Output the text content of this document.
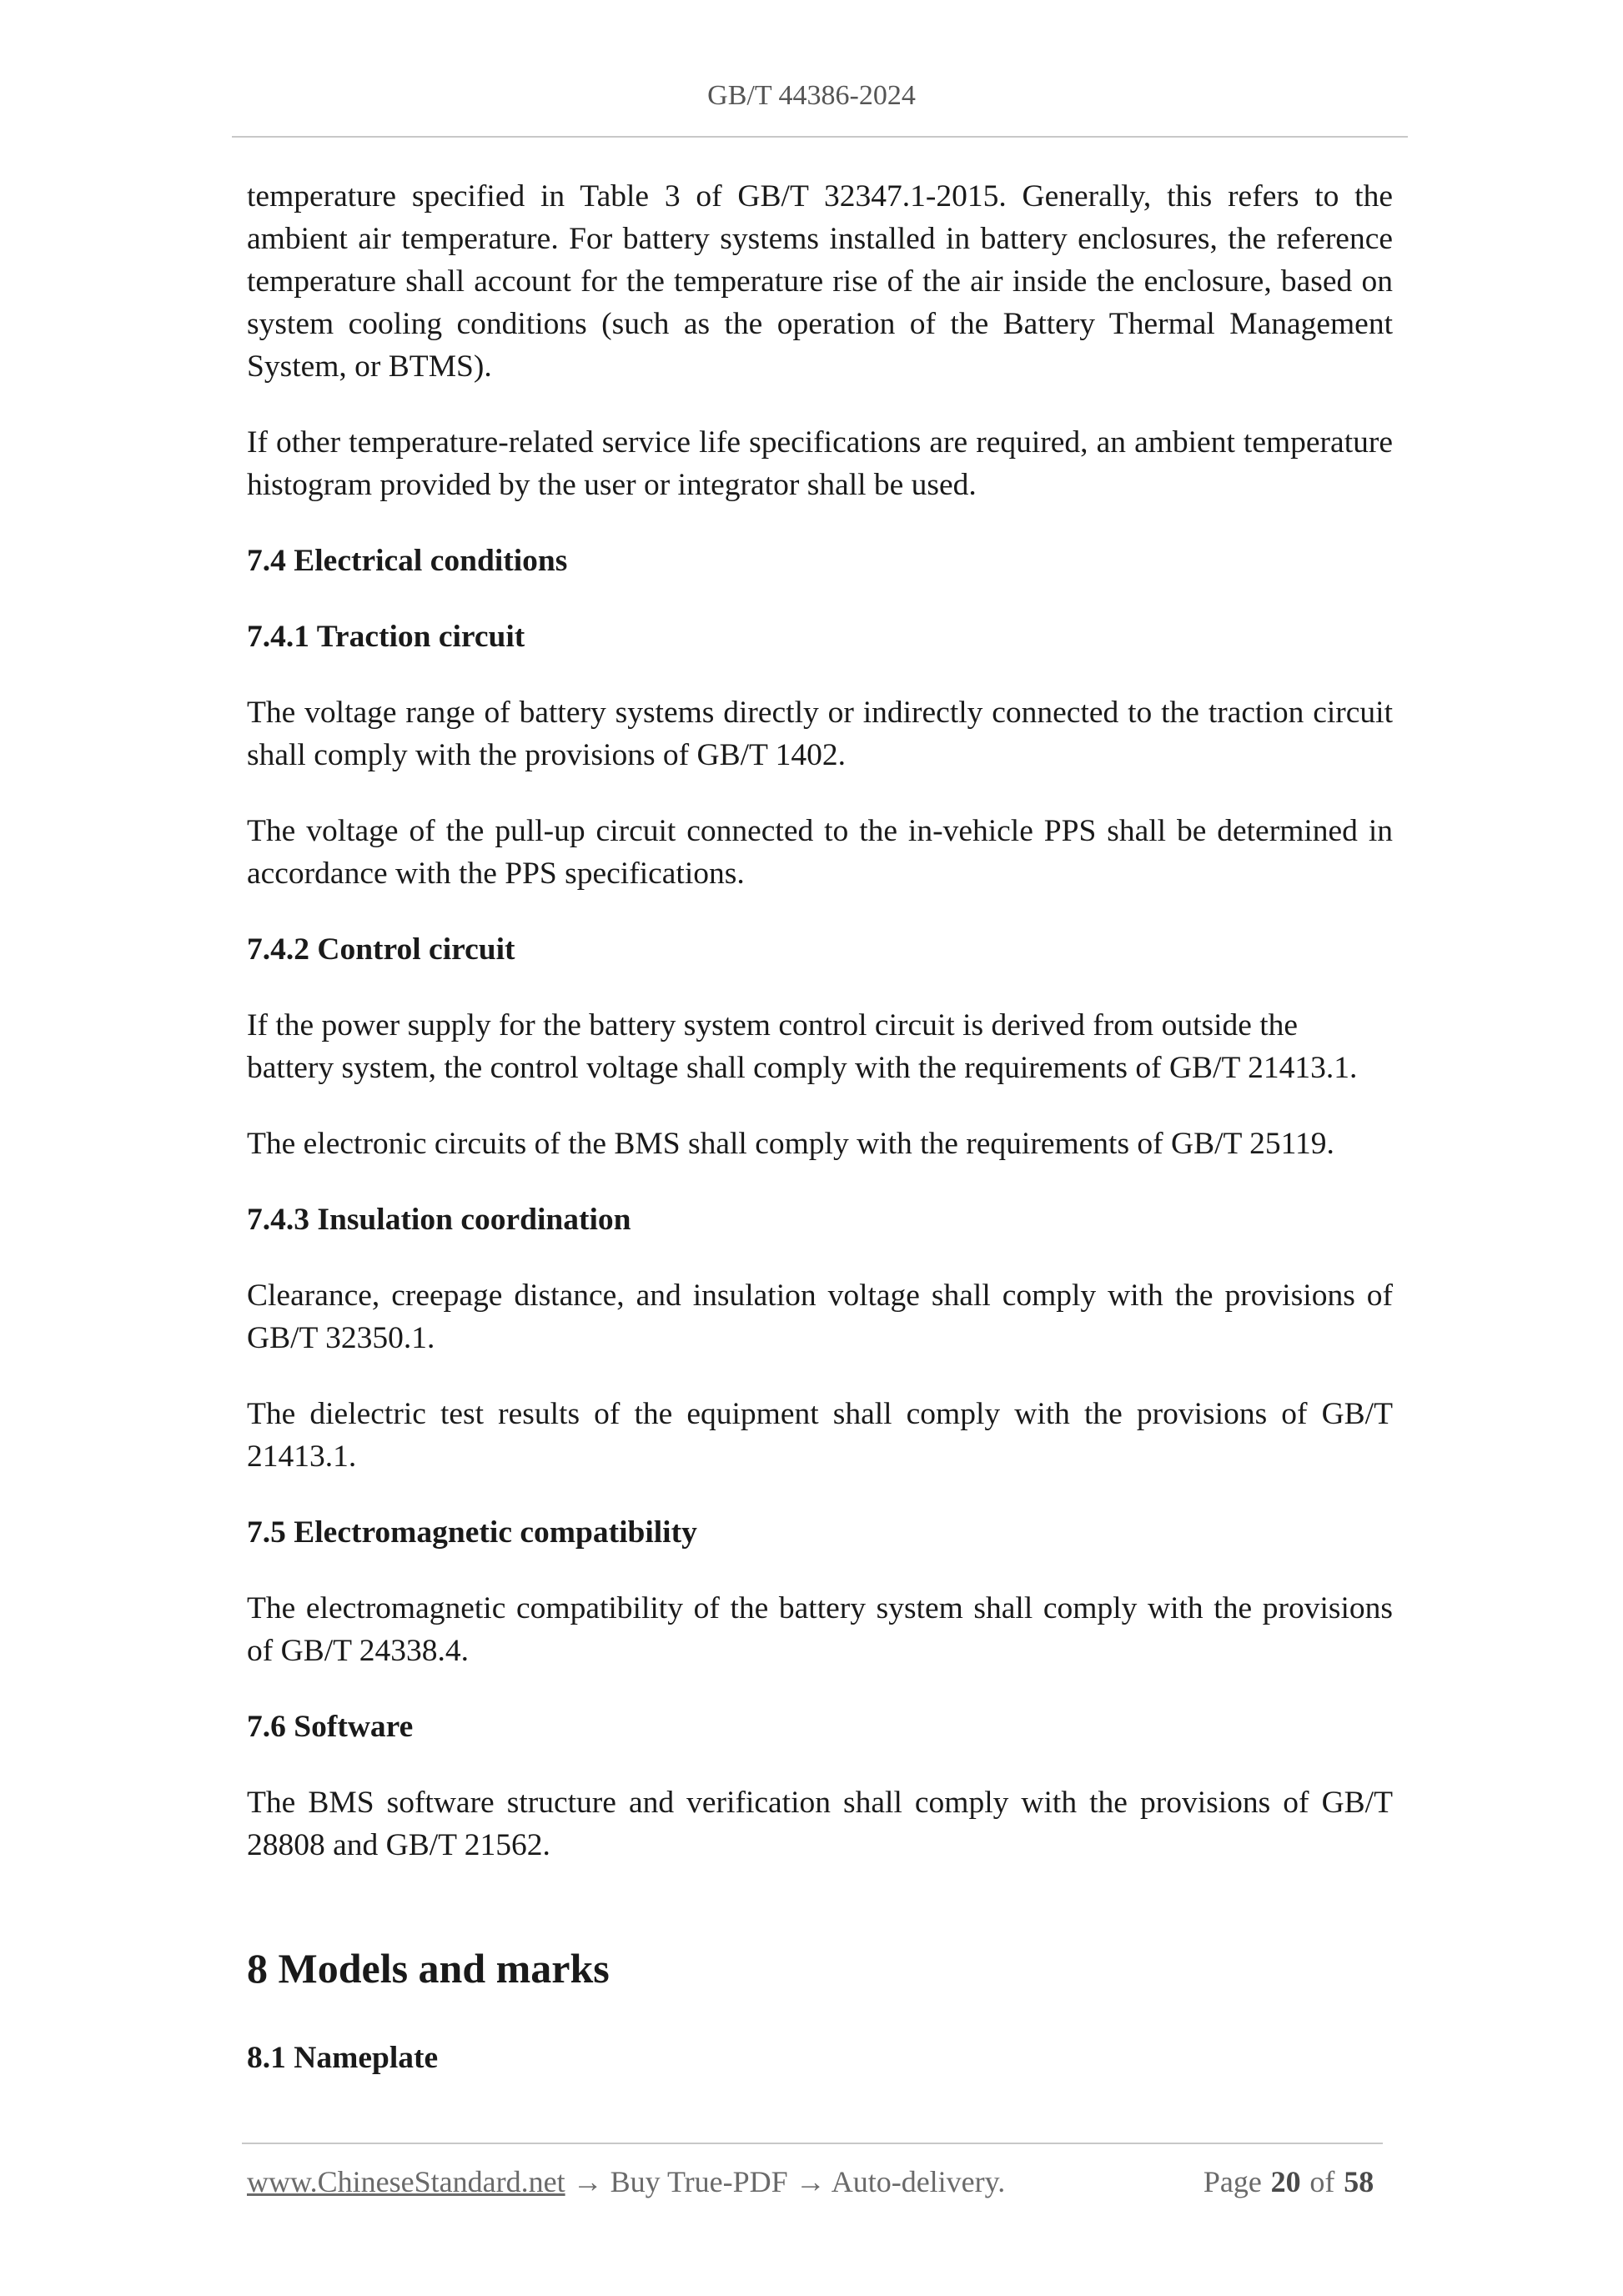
GB/T 44386-2024

temperature specified in Table 3 of GB/T 32347.1-2015. Generally, this refers to the ambient air temperature. For battery systems installed in battery enclosures, the reference temperature shall account for the temperature rise of the air inside the enclosure, based on system cooling conditions (such as the operation of the Battery Thermal Management System, or BTMS).

If other temperature-related service life specifications are required, an ambient temperature histogram provided by the user or integrator shall be used.

7.4 Electrical conditions
7.4.1 Traction circuit

The voltage range of battery systems directly or indirectly connected to the traction circuit shall comply with the provisions of GB/T 1402.

The voltage of the pull-up circuit connected to the in-vehicle PPS shall be determined in accordance with the PPS specifications.

7.4.2 Control circuit

If the power supply for the battery system control circuit is derived from outside the
battery system, the control voltage shall comply with the requirements of GB/T 21413.1.

The electronic circuits of the BMS shall comply with the requirements of GB/T 25119.

7.4.3 Insulation coordination

Clearance, creepage distance, and insulation voltage shall comply with the provisions of GB/T 32350.1.

The dielectric test results of the equipment shall comply with the provisions of GB/T 21413.1.

7.5 Electromagnetic compatibility

The electromagnetic compatibility of the battery system shall comply with the provisions of GB/T 24338.4.

7.6 Software

The BMS software structure and verification shall comply with the provisions of GB/T 28808 and GB/T 21562.

8 Models and marks
8.1 Nameplate
www.ChineseStandard.net → Buy True-PDF → Auto-delivery.	Page 20 of 58
